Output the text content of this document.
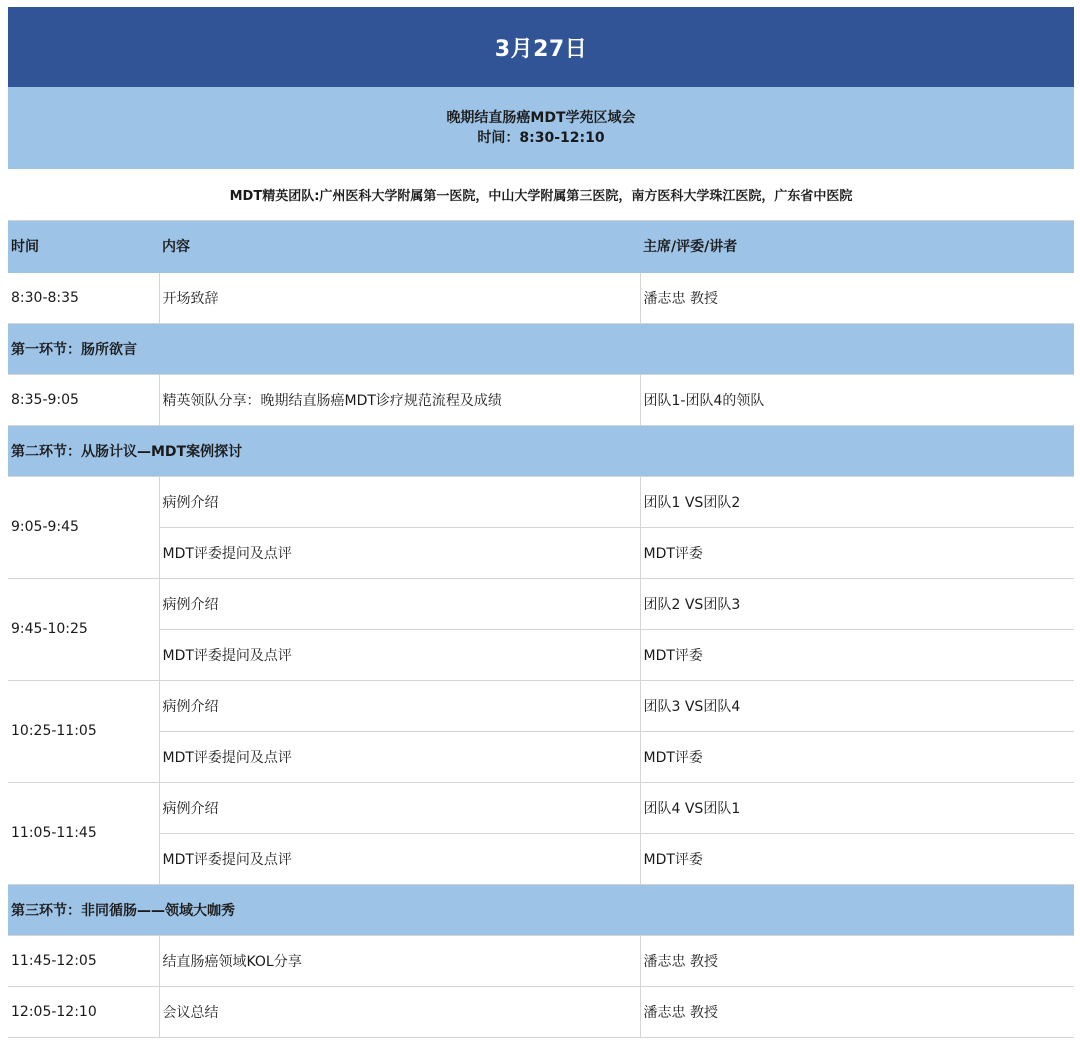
3月27日
晚期结直肠癌MDT学苑区域会
时间：8:30-12:10
MDT精英团队:广州医科大学附属第一医院，中山大学附属第三医院，南方医科大学珠江医院，广东省中医院
时间	内容	主席/评委/讲者
8:30-8:35	开场致辞	潘志忠 教授
第一环节：肠所欲言		
8:35-9:05	精英领队分享：晚期结直肠癌MDT诊疗规范流程及成绩	团队1-团队4的领队
第二环节：从肠计议—MDT案例探讨		
9:05-9:45	病例介绍	团队1 VS团队2
	MDT评委提问及点评	MDT评委
9:45-10:25	病例介绍	团队2 VS团队3
	MDT评委提问及点评	MDT评委
10:25-11:05	病例介绍	团队3 VS团队4
	MDT评委提问及点评	MDT评委
11:05-11:45	病例介绍	团队4 VS团队1
	MDT评委提问及点评	MDT评委
第三环节：非同循肠——领域大咖秀		
11:45-12:05	结直肠癌领域KOL分享	潘志忠 教授
12:05-12:10	会议总结	潘志忠 教授
